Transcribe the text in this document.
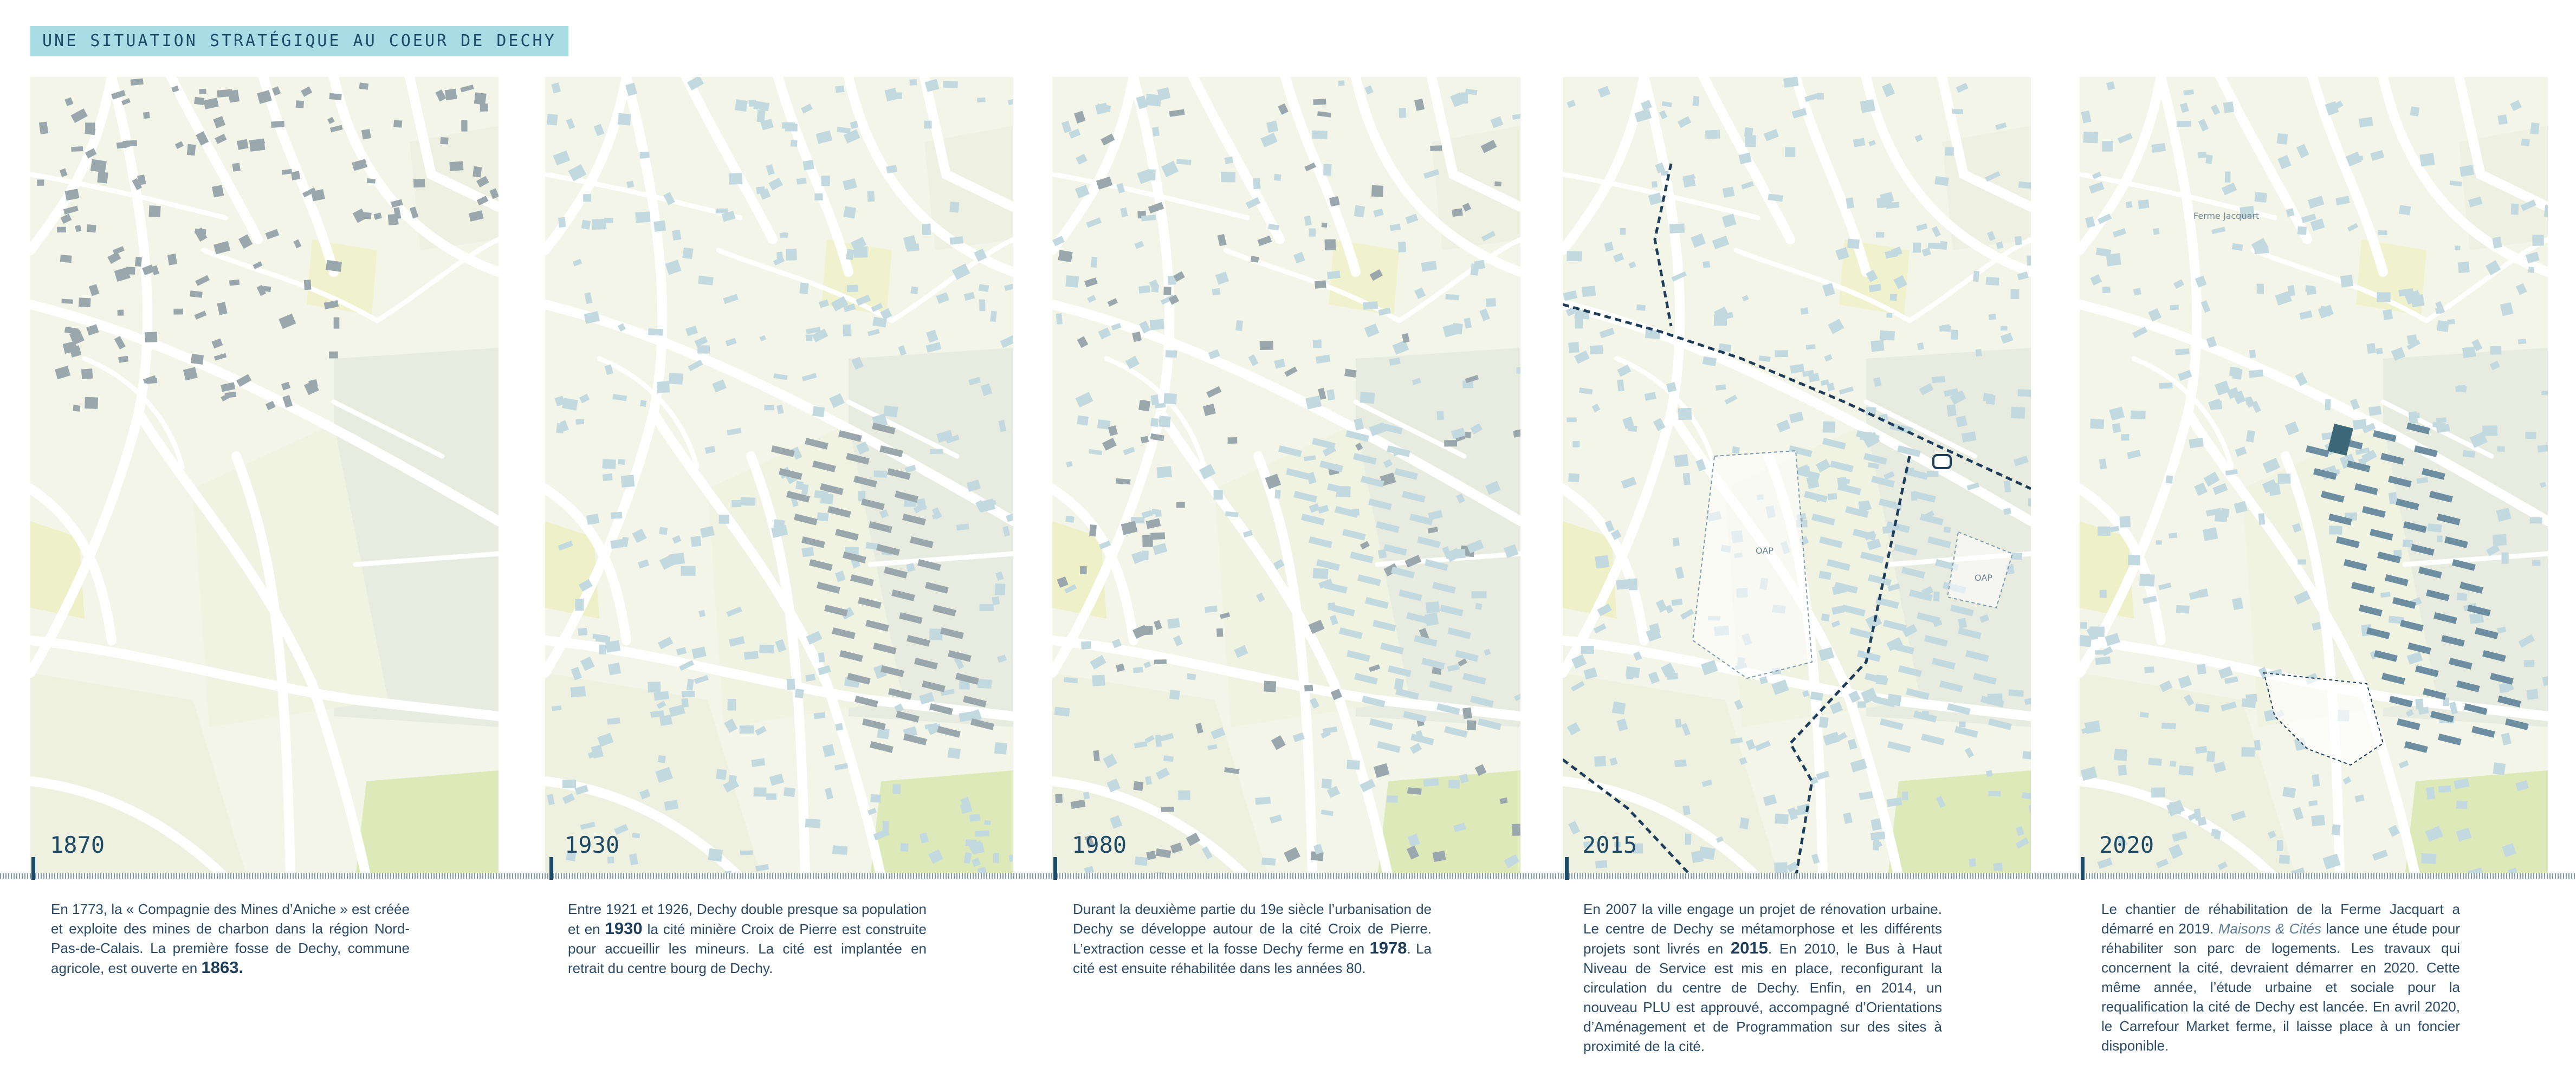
UNE SITUATION STRATÉGIQUE AU COEUR DE DECHY
1870	1930	1980
OAP
OAP
2015
Ferme Jacquart
2020
En 1773, la « Compagnie des Mines d’Aniche » est créée et exploite des mines de charbon dans la région Nord-Pas-de-Calais. La première fosse de Dechy, commune agricole, est ouverte en 1863.
Entre 1921 et 1926, Dechy double presque sa population et en 1930 la cité minière Croix de Pierre est construite pour accueillir les mineurs. La cité est implantée en retrait du centre bourg de Dechy.
Durant la deuxième partie du 19e siècle l’urbanisation de Dechy se développe autour de la cité Croix de Pierre. L’extraction cesse et la fosse Dechy ferme en 1978. La cité est ensuite réhabilitée dans les années 80.
En 2007 la ville engage un projet de rénovation urbaine. Le centre de Dechy se métamorphose et les différents projets sont livrés en 2015. En 2010, le Bus à Haut Niveau de Service est mis en place, reconfigurant la circulation du centre de Dechy. Enfin, en 2014, un nouveau PLU est approuvé, accompagné d’Orientations d’Aménagement et de Programmation sur des sites à proximité de la cité.
Le chantier de réhabilitation de la Ferme Jacquart a démarré en 2019. Maisons & Cités lance une étude pour réhabiliter son parc de logements. Les travaux qui concernent la cité, devraient démarrer en 2020. Cette même année, l’étude urbaine et sociale pour la requalification la cité de Dechy est lancée. En avril 2020, le Carrefour Market ferme, il laisse place à un foncier disponible.
